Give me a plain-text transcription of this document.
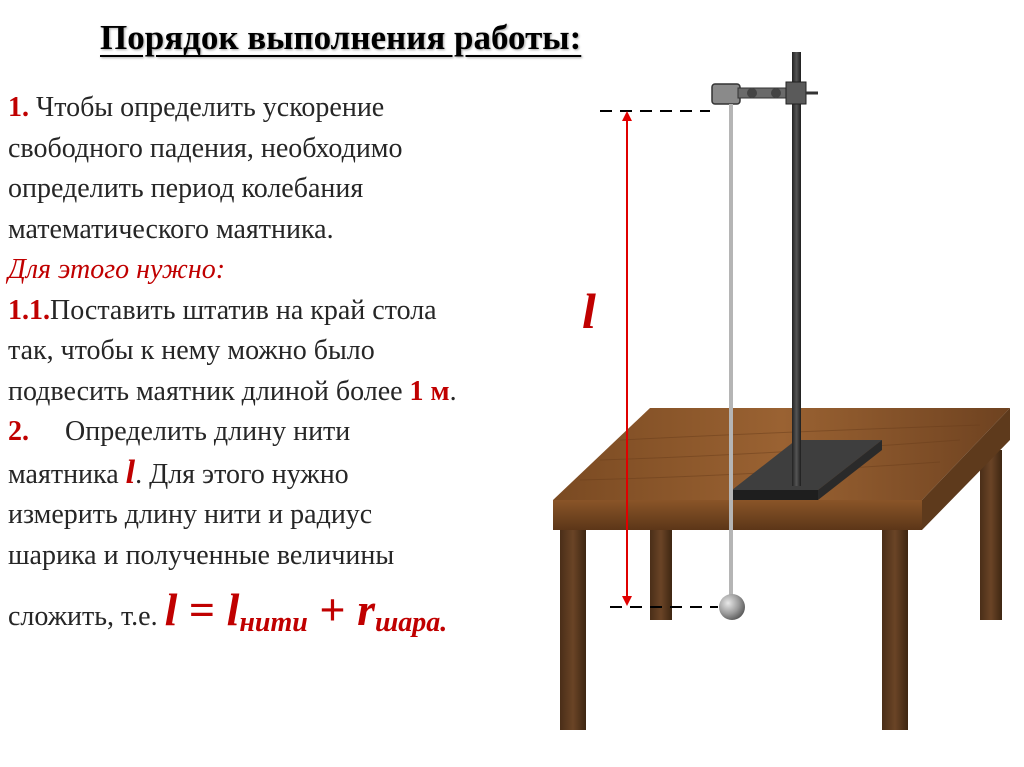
Порядок выполнения работы:
1. Чтобы определить ускорение
свободного падения, необходимо
определить период колебания
математического маятника.
Для этого нужно:
1.1.Поставить штатив на край стола
так, чтобы к нему можно было
подвесить маятник длиной более 1 м.
2. Определить длину нити
маятника l. Для этого нужно
измерить длину нити и радиус
шарика и полученные величины
сложить, т.е. $l = l_{нити} + r_{шара.}$
l
